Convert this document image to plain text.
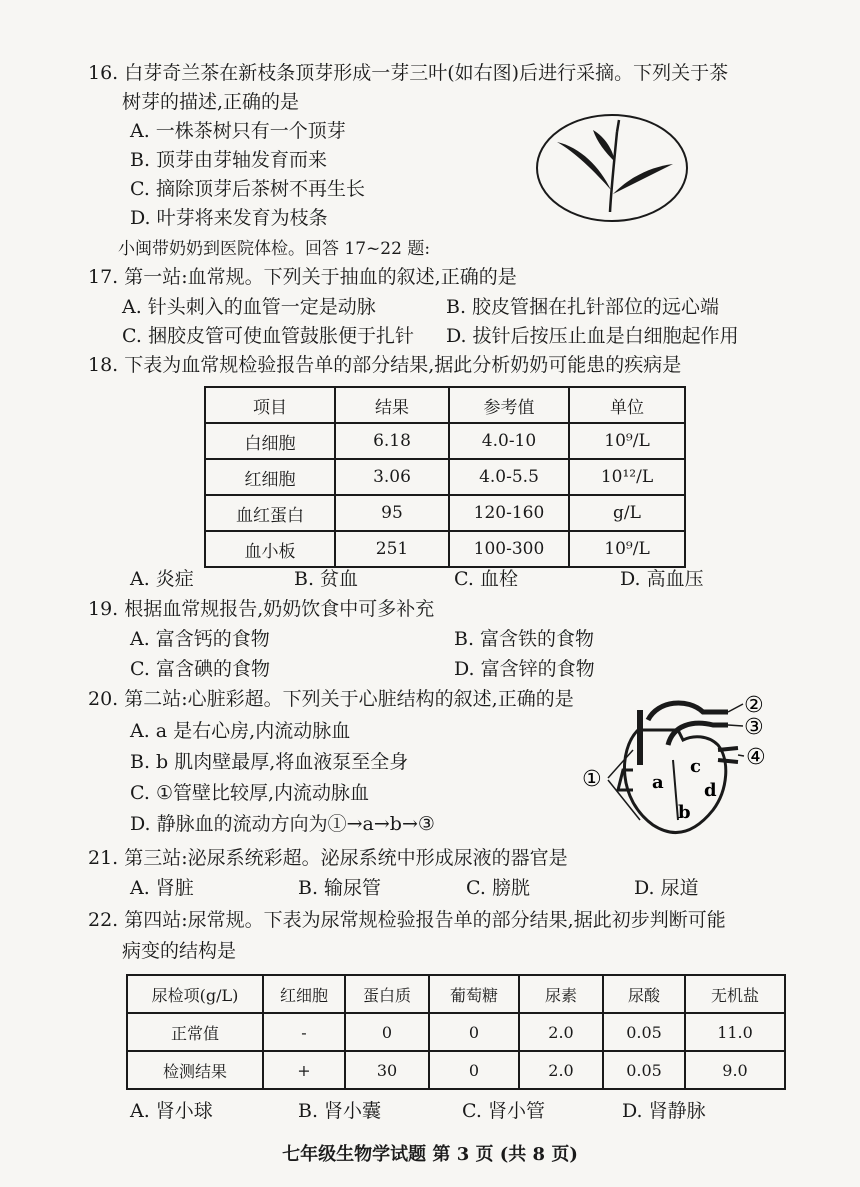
16. 白芽奇兰茶在新枝条顶芽形成一芽三叶(如右图)后进行采摘。下列关于茶
树芽的描述,正确的是
A. 一株茶树只有一个顶芽
B. 顶芽由芽轴发育而来
C. 摘除顶芽后茶树不再生长
D. 叶芽将来发育为枝条
小闽带奶奶到医院体检。回答 17~22 题:
17. 第一站:血常规。下列关于抽血的叙述,正确的是
A. 针头刺入的血管一定是动脉	B. 胶皮管捆在扎针部位的远心端
C. 捆胶皮管可使血管鼓胀便于扎针 D. 拔针后按压止血是白细胞起作用
18. 下表为血常规检验报告单的部分结果,据此分析奶奶可能患的疾病是
项目	结果	参考值	单位
白细胞	6.18	4.0-10	10⁹/L
红细胞	3.06	4.0-5.5	10¹²/L
血红蛋白	95	120-160	g/L
血小板	251	100-300	10⁹/L
A. 炎症	B. 贫血	C. 血栓	D. 高血压
19. 根据血常规报告,奶奶饮食中可多补充
A. 富含钙的食物	B. 富含铁的食物
C. 富含碘的食物	D. 富含锌的食物
20. 第二站:心脏彩超。下列关于心脏结构的叙述,正确的是
A. a 是右心房,内流动脉血
B. b 肌肉壁最厚,将血液泵至全身
C. ①管壁比较厚,内流动脉血
D. 静脉血的流动方向为①→a→b→③
②
③
④
①	a
b
c
d
21. 第三站:泌尿系统彩超。泌尿系统中形成尿液的器官是
A. 肾脏	B. 输尿管	C. 膀胱	D. 尿道
22. 第四站:尿常规。下表为尿常规检验报告单的部分结果,据此初步判断可能
病变的结构是
尿检项(g/L)	红细胞	蛋白质	葡萄糖	尿素	尿酸	无机盐
正常值	-	0	0	2.0	0.05	11.0
检测结果	+	30	0	2.0	0.05	9.0
A. 肾小球	B. 肾小囊	C. 肾小管	D. 肾静脉
七年级生物学试题 第 3 页 (共 8 页)
